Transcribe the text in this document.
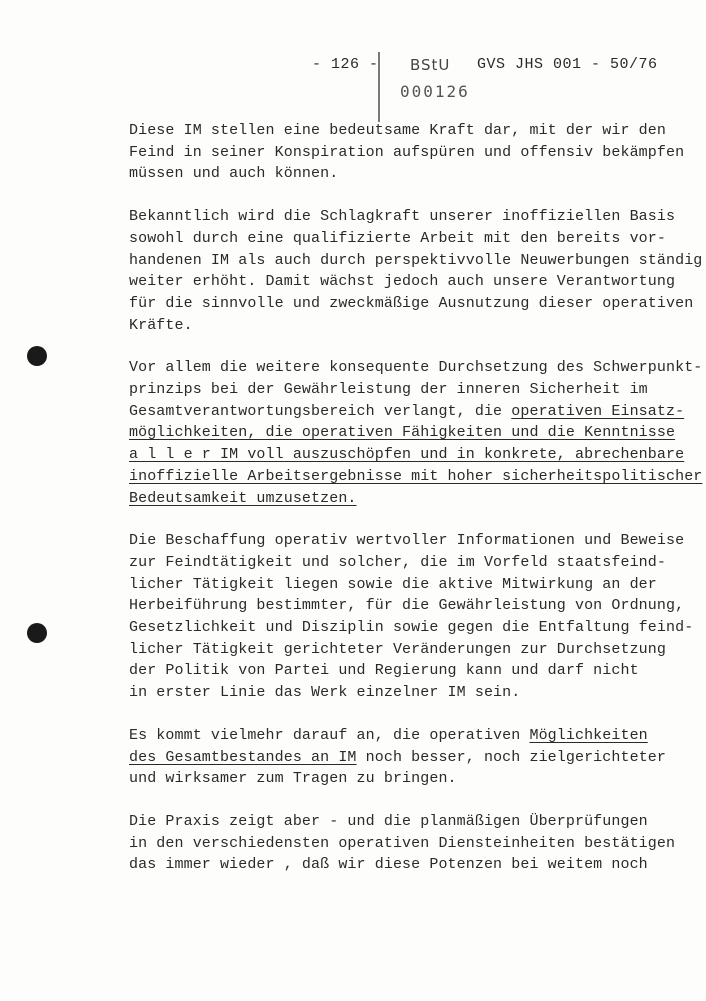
- 126 -	BStU
000126
GVS JHS 001 - 50/76
Diese IM stellen eine bedeutsame Kraft dar, mit der wir den
Feind in seiner Konspiration aufspüren und offensiv bekämpfen
müssen und auch können.
Bekanntlich wird die Schlagkraft unserer inoffiziellen Basis
sowohl durch eine qualifizierte Arbeit mit den bereits vor-
handenen IM als auch durch perspektivvolle Neuwerbungen ständig
weiter erhöht. Damit wächst jedoch auch unsere Verantwortung
für die sinnvolle und zweckmäßige Ausnutzung dieser operativen
Kräfte.
Vor allem die weitere konsequente Durchsetzung des Schwerpunkt-
prinzips bei der Gewährleistung der inneren Sicherheit im
Gesamtverantwortungsbereich verlangt, die operativen Einsatz-
möglichkeiten, die operativen Fähigkeiten und die Kenntnisse
a l l e r IM voll auszuschöpfen und in konkrete, abrechenbare
inoffizielle Arbeitsergebnisse mit hoher sicherheitspolitischer
Bedeutsamkeit umzusetzen.
Die Beschaffung operativ wertvoller Informationen und Beweise
zur Feindtätigkeit und solcher, die im Vorfeld staatsfeind-
licher Tätigkeit liegen sowie die aktive Mitwirkung an der
Herbeiführung bestimmter, für die Gewährleistung von Ordnung,
Gesetzlichkeit und Disziplin sowie gegen die Entfaltung feind-
licher Tätigkeit gerichteter Veränderungen zur Durchsetzung
der Politik von Partei und Regierung kann und darf nicht
in erster Linie das Werk einzelner IM sein.
Es kommt vielmehr darauf an, die operativen Möglichkeiten
des Gesamtbestandes an IM noch besser, noch zielgerichteter
und wirksamer zum Tragen zu bringen.
Die Praxis zeigt aber - und die planmäßigen Überprüfungen
in den verschiedensten operativen Diensteinheiten bestätigen
das immer wieder , daß wir diese Potenzen bei weitem noch
